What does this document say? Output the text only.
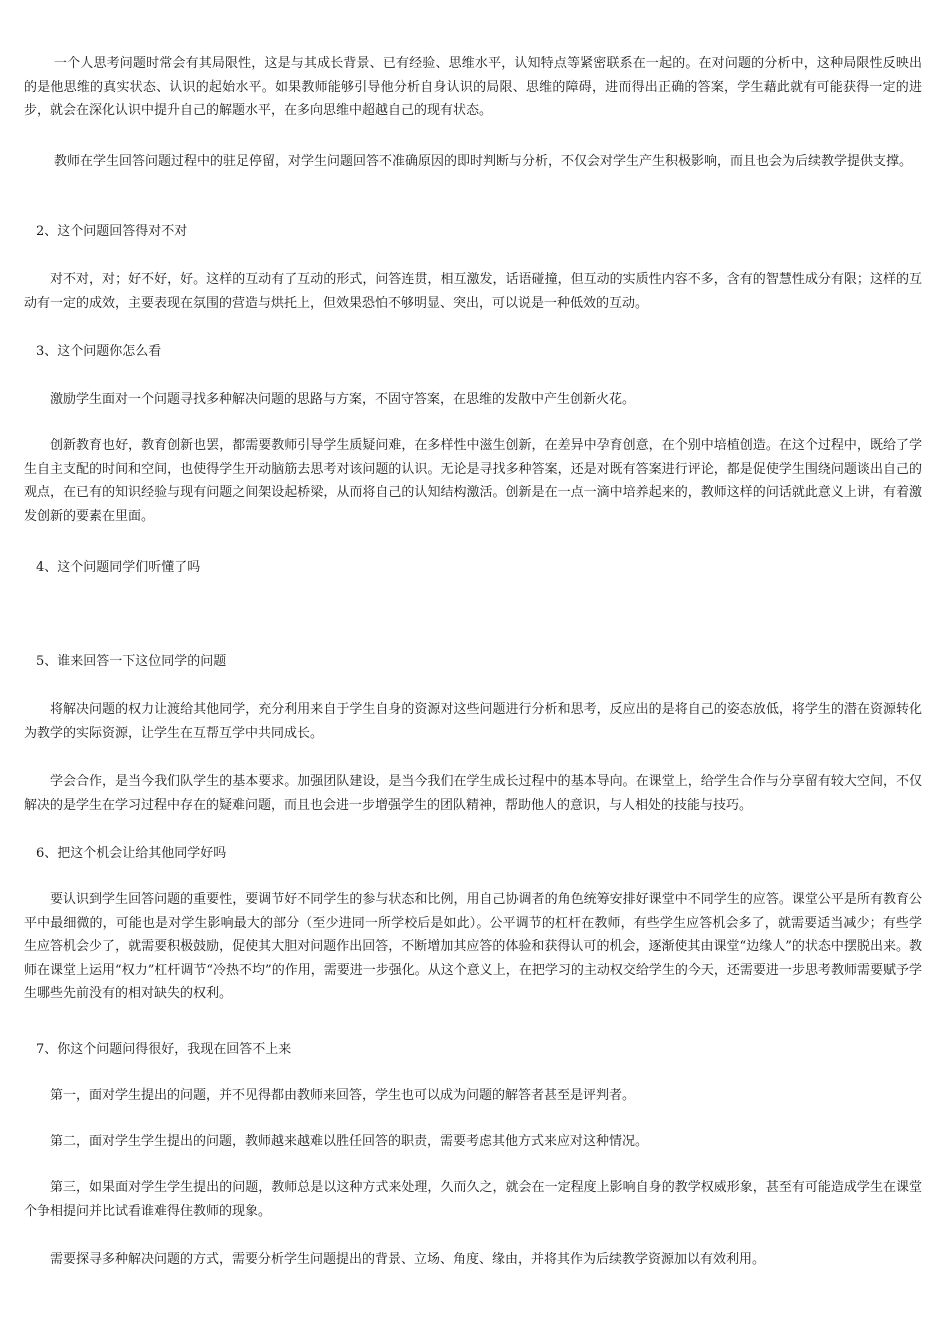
一个人思考问题时常会有其局限性，这是与其成长背景、已有经验、思维水平，认知特点等紧密联系在一起的。在对问题的分析中，这种局限性反映出的是他思维的真实状态、认识的起始水平。如果教师能够引导他分析自身认识的局限、思维的障碍，进而得出正确的答案，学生藉此就有可能获得一定的进步，就会在深化认识中提升自己的解题水平，在多向思维中超越自己的现有状态。

教师在学生回答问题过程中的驻足停留，对学生问题回答不准确原因的即时判断与分析，不仅会对学生产生积极影响，而且也会为后续教学提供支撑。

2、这个问题回答得对不对

对不对，对；好不好，好。这样的互动有了互动的形式，问答连贯，相互激发，话语碰撞，但互动的实质性内容不多，含有的智慧性成分有限；这样的互动有一定的成效，主要表现在氛围的营造与烘托上，但效果恐怕不够明显、突出，可以说是一种低效的互动。

3、这个问题你怎么看

激励学生面对一个问题寻找多种解决问题的思路与方案，不固守答案，在思维的发散中产生创新火花。

创新教育也好，教育创新也罢，都需要教师引导学生质疑问难，在多样性中滋生创新，在差异中孕育创意，在个别中培植创造。在这个过程中，既给了学生自主支配的时间和空间，也使得学生开动脑筋去思考对该问题的认识。无论是寻找多种答案，还是对既有答案进行评论，都是促使学生围绕问题谈出自己的观点，在已有的知识经验与现有问题之间架设起桥梁，从而将自己的认知结构激活。创新是在一点一滴中培养起来的，教师这样的问话就此意义上讲，有着激发创新的要素在里面。

4、这个问题同学们听懂了吗

5、谁来回答一下这位同学的问题

将解决问题的权力让渡给其他同学，充分利用来自于学生自身的资源对这些问题进行分析和思考，反应出的是将自己的姿态放低，将学生的潜在资源转化为教学的实际资源，让学生在互帮互学中共同成长。

学会合作，是当今我们队学生的基本要求。加强团队建设，是当今我们在学生成长过程中的基本导向。在课堂上，给学生合作与分享留有较大空间，不仅解决的是学生在学习过程中存在的疑难问题，而且也会进一步增强学生的团队精神，帮助他人的意识，与人相处的技能与技巧。

6、把这个机会让给其他同学好吗

要认识到学生回答问题的重要性，要调节好不同学生的参与状态和比例，用自己协调者的角色统筹安排好课堂中不同学生的应答。课堂公平是所有教育公平中最细微的，可能也是对学生影响最大的部分（至少进同一所学校后是如此）。公平调节的杠杆在教师，有些学生应答机会多了，就需要适当减少；有些学生应答机会少了，就需要积极鼓励，促使其大胆对问题作出回答，不断增加其应答的体验和获得认可的机会，逐渐使其由课堂“边缘人”的状态中摆脱出来。教师在课堂上运用“权力”杠杆调节“冷热不均”的作用，需要进一步强化。从这个意义上，在把学习的主动权交给学生的今天，还需要进一步思考教师需要赋予学生哪些先前没有的相对缺失的权利。

7、你这个问题问得很好，我现在回答不上来

第一，面对学生提出的问题，并不见得都由教师来回答，学生也可以成为问题的解答者甚至是评判者。

第二，面对学生学生提出的问题，教师越来越难以胜任回答的职责，需要考虑其他方式来应对这种情况。

第三，如果面对学生学生提出的问题，教师总是以这种方式来处理，久而久之，就会在一定程度上影响自身的教学权威形象，甚至有可能造成学生在课堂个争相提问并比试看谁难得住教师的现象。

需要探寻多种解决问题的方式，需要分析学生问题提出的背景、立场、角度、缘由，并将其作为后续教学资源加以有效利用。
